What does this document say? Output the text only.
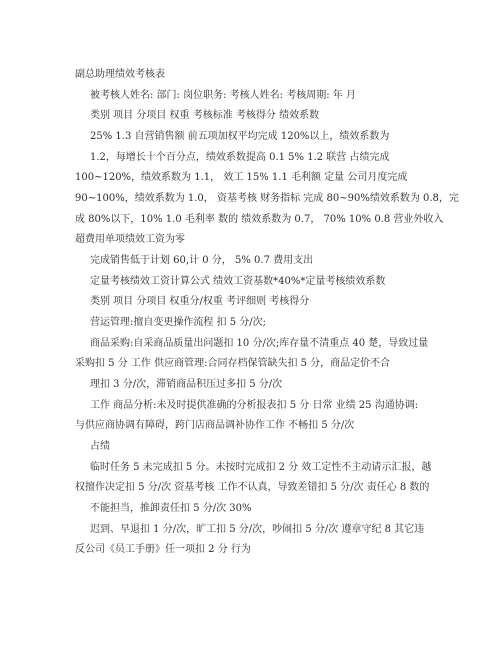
副总助理绩效考核表
被考核人姓名: 部门: 岗位职务: 考核人姓名: 考核周期: 年 月
类别 项目 分项目 权重 考核标准 考核得分 绩效系数
25% 1.3 自营销售额 前五项加权平均完成 120%以上，绩效系数为
1.2，每增长十个百分点，绩效系数提高 0.1 5% 1.2 联营 占绩完成
100~120%，绩效系数为 1.1， 效工 15% 1.1 毛利额 定量 公司月度完成
90~100%，绩效系数为 1.0， 资基考核 财务指标 完成 80~90%绩效系数为 0.8，完
成 80%以下，10% 1.0 毛利率 数的 绩效系数为 0.7， 70% 10% 0.8 营业外收入
超费用单项绩效工资为零
完成销售低于计划 60,计 0 分， 5% 0.7 费用支出
定量考核绩效工资计算公式 绩效工资基数*40%*定量考核绩效系数
类别 项目 分项目 权重分/权重 考评细则 考核得分
营运管理:擅自变更操作流程 扣 5 分/次;
商品采购:自采商品质量出问题扣 10 分/次;库存量不清重点 40 楚，导致过量
采购扣 5 分 工作 供应商管理:合同存档保管缺失扣 5 分，商品定价不合
理扣 3 分/次，滞销商品积压过多扣 5 分/次
工作 商品分析:未及时提供准确的分析报表扣 5 分 日常 业绩 25 沟通协调:
与供应商协调有障碍，跨门店商品调补协作工作 不畅扣 5 分/次
占绩
临时任务 5 未完成扣 5 分。未按时完成扣 2 分 效工定性不主动请示汇报，越
权擅作决定扣 5 分/次 资基考核 工作不认真，导致差错扣 5 分/次 责任心 8 数的
不能担当，推卸责任扣 5 分/次 30%
迟到、早退扣 1 分/次，旷工扣 5 分/次，吵闹扣 5 分/次 遵章守纪 8 其它违
反公司《员工手册》任一项扣 2 分 行为
